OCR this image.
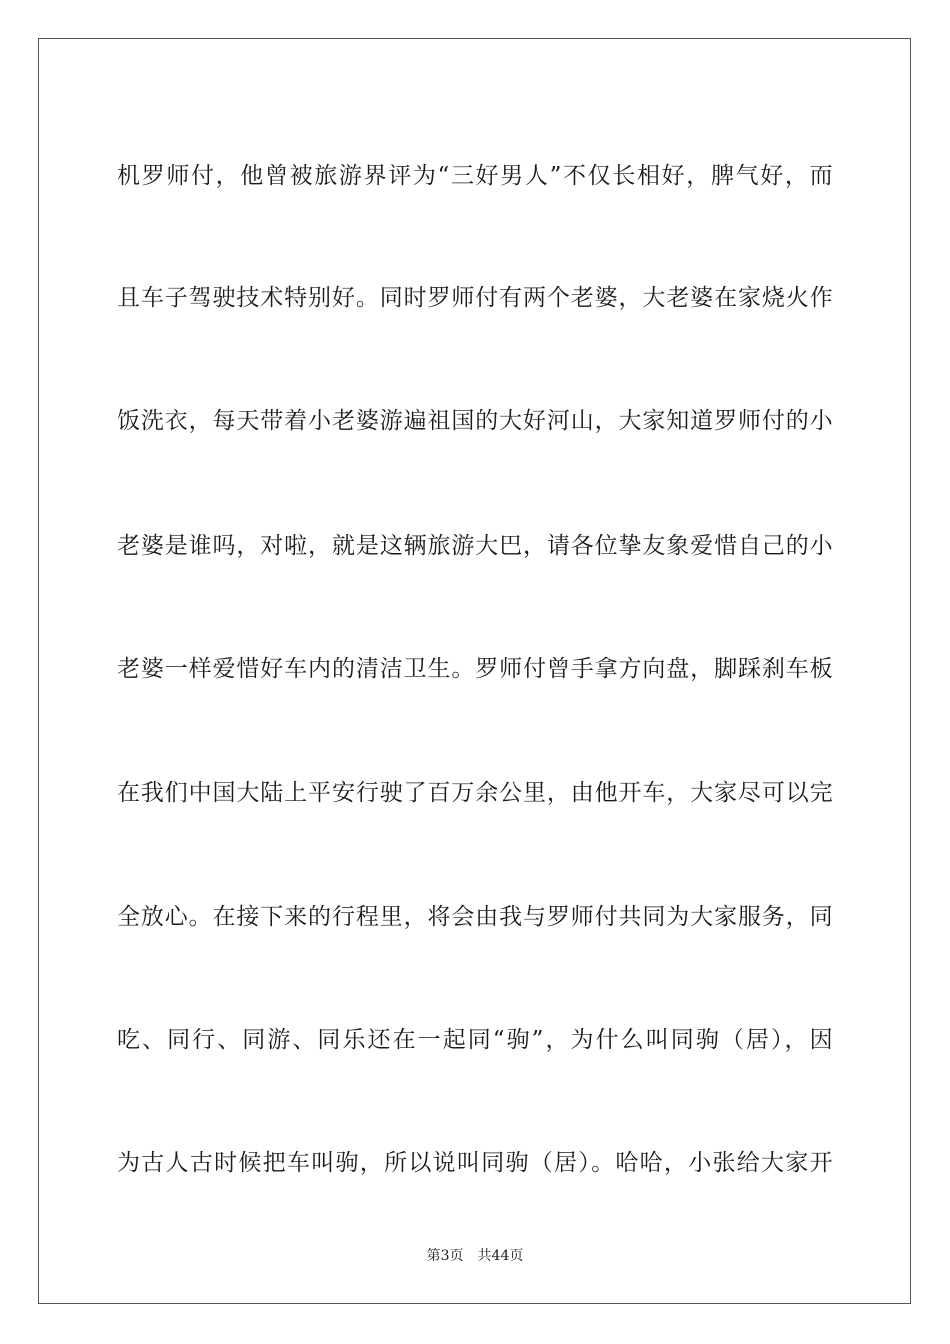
机罗师付，他曾被旅游界评为“三好男人”不仅长相好，脾气好，而

且车子驾驶技术特别好。同时罗师付有两个老婆，大老婆在家烧火作

饭洗衣，每天带着小老婆游遍祖国的大好河山，大家知道罗师付的小

老婆是谁吗，对啦，就是这辆旅游大巴，请各位挚友象爱惜自己的小

老婆一样爱惜好车内的清洁卫生。罗师付曾手拿方向盘，脚踩刹车板

在我们中国大陆上平安行驶了百万余公里，由他开车，大家尽可以完

全放心。在接下来的行程里，将会由我与罗师付共同为大家服务，同

吃、同行、同游、同乐还在一起同“驹”，为什么叫同驹（居），因

为古人古时候把车叫驹，所以说叫同驹（居）。哈哈，小张给大家开

第3页 共44页
